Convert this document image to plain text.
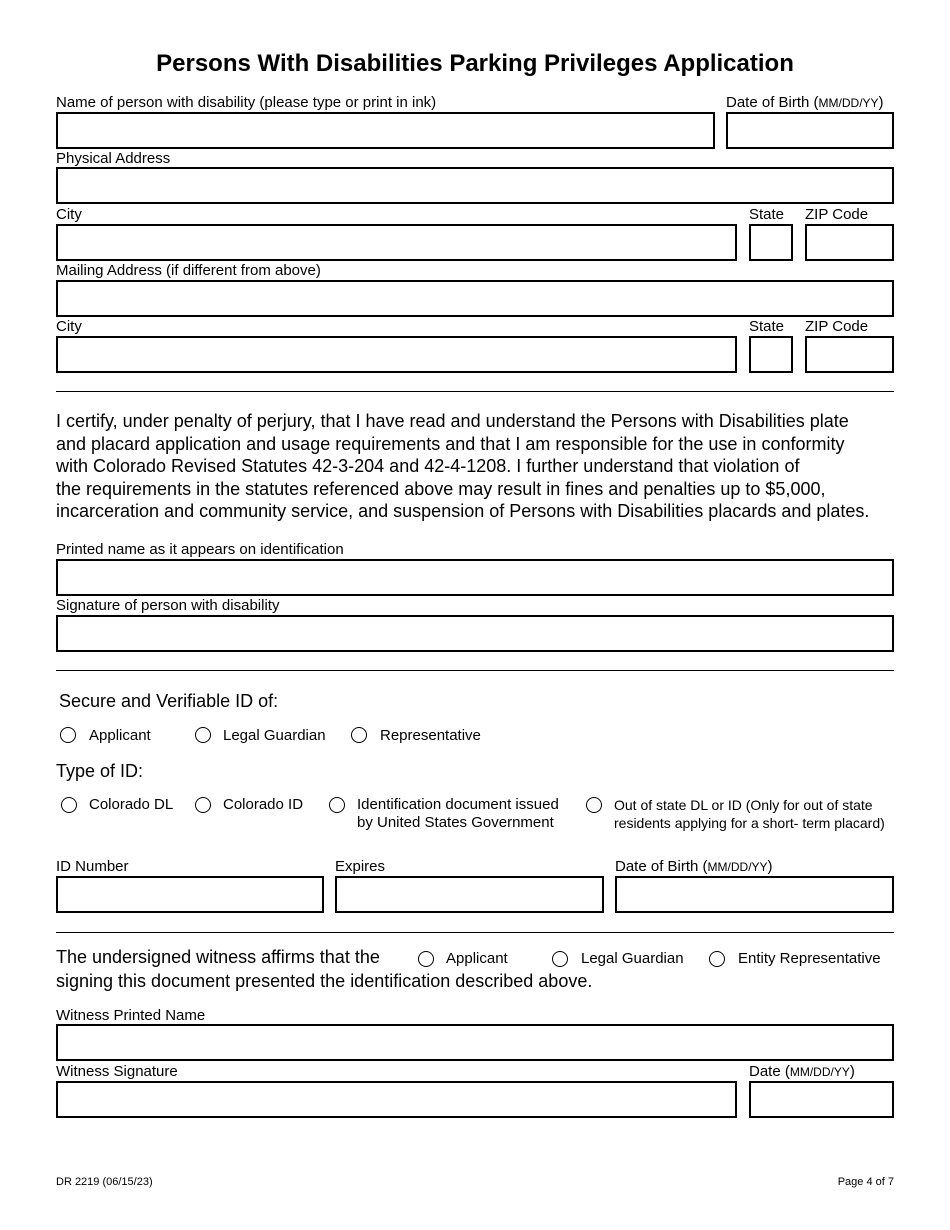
Persons With Disabilities Parking Privileges Application
Name of person with disability (please type or print in ink)	Date of Birth (MM/DD/YY)
Physical Address
City	State ZIP Code
Mailing Address (if different from above)
City	State ZIP Code
I certify, under penalty of perjury, that I have read and understand the Persons with Disabilities plate
and placard application and usage requirements and that I am responsible for the use in conformity
with Colorado Revised Statutes 42-3-204 and 42-4-1208. I further understand that violation of
the requirements in the statutes referenced above may result in fines and penalties up to $5,000,
incarceration and community service, and suspension of Persons with Disabilities placards and plates.
Printed name as it appears on identification
Signature of person with disability
Secure and Verifiable ID of:
Applicant	Legal Guardian	Representative
Type of ID:
Colorado DL	Colorado ID	Identification document issued
by United States Government
Out of state DL or ID (Only for out of state
residents applying for a short- term placard)
ID Number	Expires	Date of Birth (MM/DD/YY)
The undersigned witness affirms that the
signing this document presented the identification described above.
Applicant	Legal Guardian	Entity Representative
Witness Printed Name
Witness Signature	Date (MM/DD/YY)
DR 2219 (06/15/23)	Page 4 of 7
